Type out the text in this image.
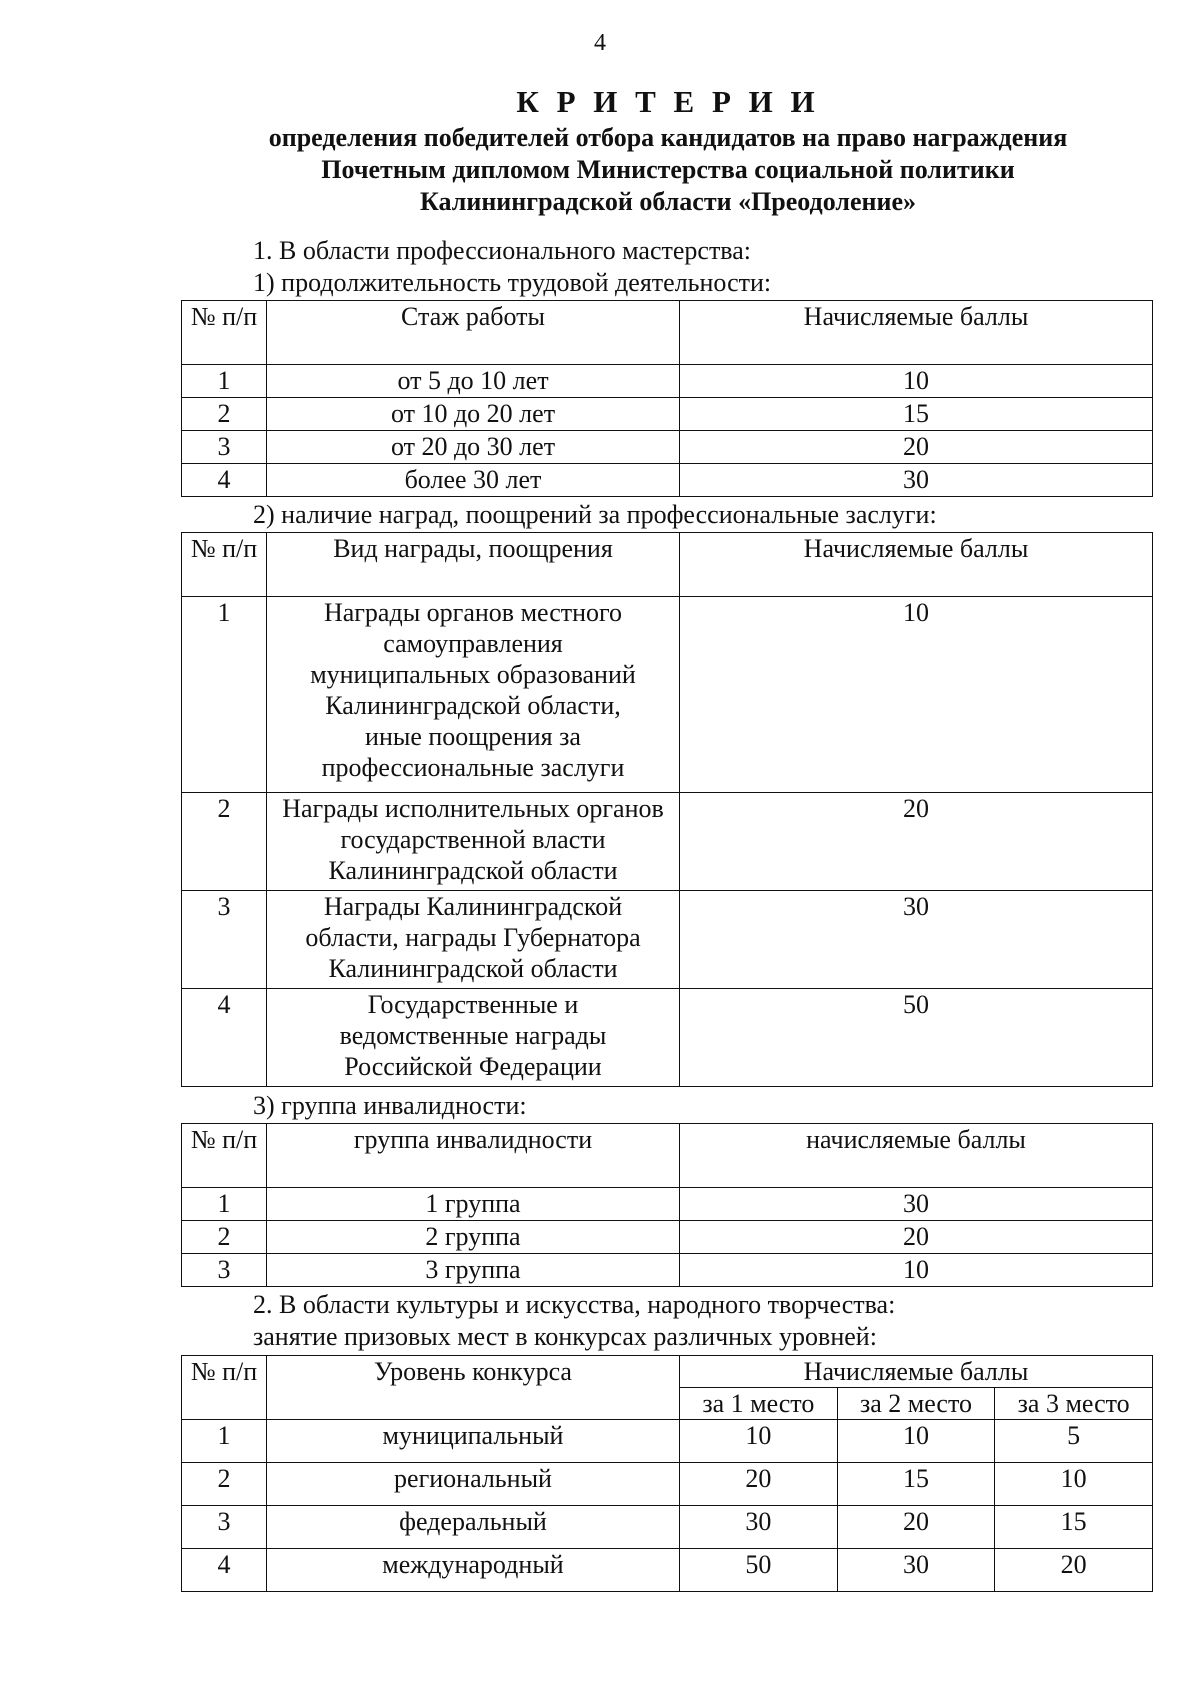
4
К Р И Т Е Р И И
определения победителей отбора кандидатов на право награждения
Почетным дипломом Министерства социальной политики
Калининградской области «Преодоление»
1. В области профессионального мастерства:
1) продолжительность трудовой деятельности:
№ п/п	Стаж работы	Начисляемые баллы
1	от 5 до 10 лет	10
2	от 10 до 20 лет	15
3	от 20 до 30 лет	20
4	более 30 лет	30
2) наличие наград, поощрений за профессиональные заслуги:
№ п/п	Вид награды, поощрения	Начисляемые баллы
1	Награды органов местного самоуправления муниципальных образований Калининградской области, иные поощрения за профессиональные заслуги	10
2	Награды исполнительных органов государственной власти Калининградской области	20
3	Награды Калининградской области, награды Губернатора Калининградской области	30
4	Государственные и ведомственные награды Российской Федерации	50
3) группа инвалидности:
№ п/п	группа инвалидности	начисляемые баллы
1	1 группа	30
2	2 группа	20
3	3 группа	10
2. В области культуры и искусства, народного творчества:
занятие призовых мест в конкурсах различных уровней:
№ п/п	Уровень конкурса	Начисляемые баллы		
		за 1 место	за 2 место	за 3 место
1	муниципальный	10	10	5
2	региональный	20	15	10
3	федеральный	30	20	15
4	международный	50	30	20
